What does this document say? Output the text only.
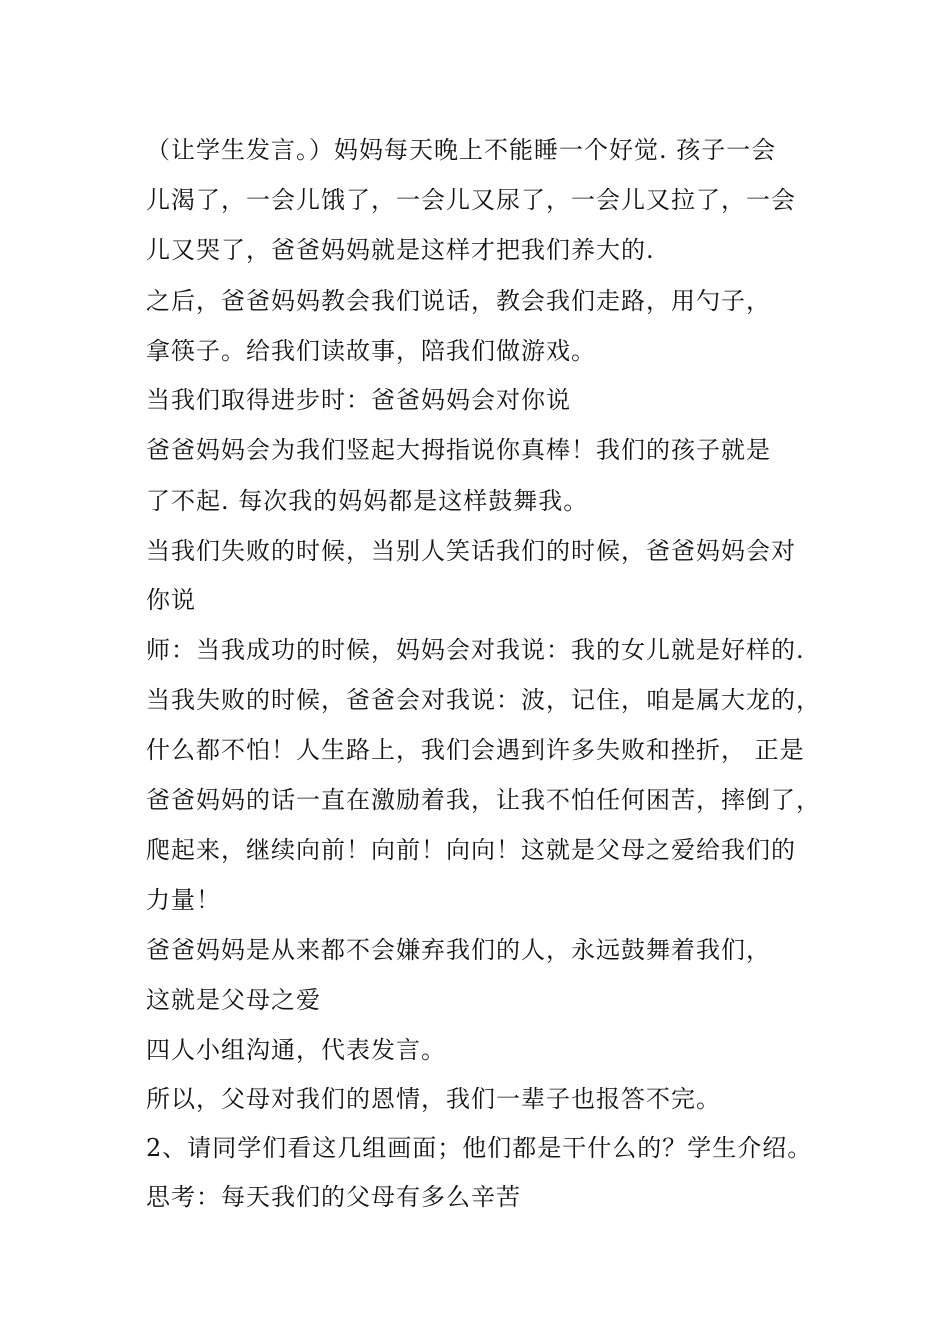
（让学生发言。）妈妈每天晚上不能睡一个好觉. 孩子一会
儿渴了，一会儿饿了，一会儿又尿了，一会儿又拉了，一会
儿又哭了，爸爸妈妈就是这样才把我们养大的.
之后，爸爸妈妈教会我们说话，教会我们走路，用勺子，
拿筷子。给我们读故事，陪我们做游戏。
当我们取得进步时：爸爸妈妈会对你说
爸爸妈妈会为我们竖起大拇指说你真棒！我们的孩子就是
了不起. 每次我的妈妈都是这样鼓舞我。
当我们失败的时候，当别人笑话我们的时候，爸爸妈妈会对
你说
师：当我成功的时候，妈妈会对我说：我的女儿就是好样的.
当我失败的时候，爸爸会对我说：波，记住，咱是属大龙的，
什么都不怕！人生路上，我们会遇到许多失败和挫折， 正是
爸爸妈妈的话一直在激励着我，让我不怕任何困苦，摔倒了，
爬起来，继续向前！向前！向向！这就是父母之爱给我们的
力量！
爸爸妈妈是从来都不会嫌弃我们的人，永远鼓舞着我们，
这就是父母之爱
四人小组沟通，代表发言。
所以，父母对我们的恩情，我们一辈子也报答不完。
2、请同学们看这几组画面；他们都是干什么的？学生介绍。
思考：每天我们的父母有多么辛苦
